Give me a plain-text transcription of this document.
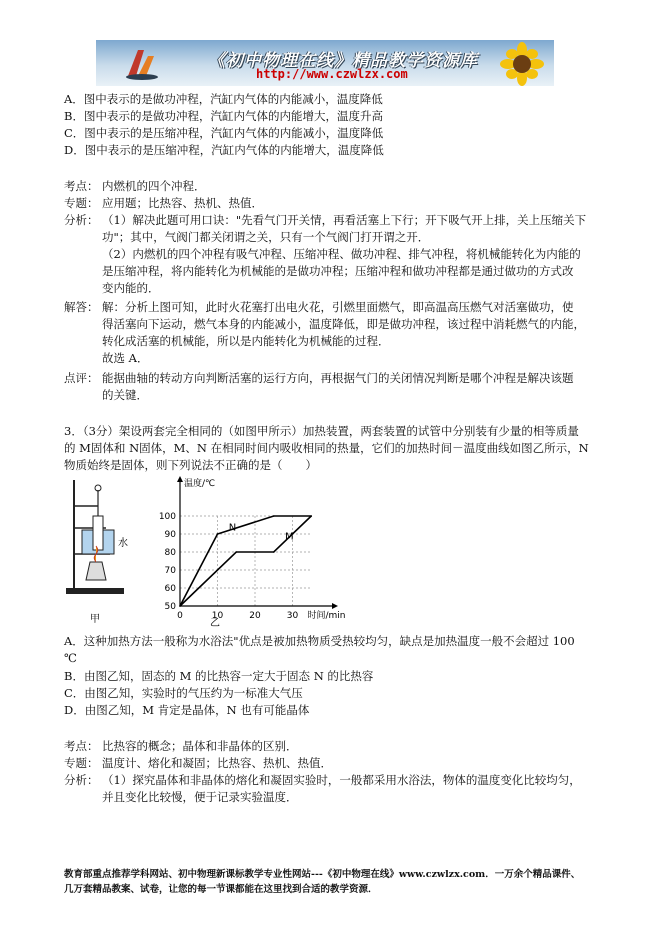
《初中物理在线》精品教学资源库
http://www.czwlzx.com
A．图中表示的是做功冲程，汽缸内气体的内能减小，温度降低
B．图中表示的是做功冲程，汽缸内气体的内能增大，温度升高
C．图中表示的是压缩冲程，汽缸内气体的内能减小，温度降低
D．图中表示的是压缩冲程，汽缸内气体的内能增大，温度降低
考点： 内燃机的四个冲程．
专题： 应用题；比热容、热机、热值．
分析： （1）解决此题可用口诀："先看气门开关情，再看活塞上下行；开下吸气开上排，关上压缩关下
功"；其中，气阀门都关闭谓之关，只有一个气阀门打开谓之开．
（2）内燃机的四个冲程有吸气冲程、压缩冲程、做功冲程、排气冲程，将机械能转化为内能的
是压缩冲程，将内能转化为机械能的是做功冲程；压缩冲程和做功冲程都是通过做功的方式改
变内能的．
解答： 解：分析上图可知，此时火花塞打出电火花，引燃里面燃气，即高温高压燃气对活塞做功，使
得活塞向下运动，燃气本身的内能减小，温度降低，即是做功冲程，该过程中消耗燃气的内能，
转化成活塞的机械能，所以是内能转化为机械能的过程．
故选 A．
点评： 能据曲轴的转动方向判断活塞的运行方向，再根据气门的关闭情况判断是哪个冲程是解决该题
的关键．
3．（3分）架设两套完全相同的（如图甲所示）加热装置，两套装置的试管中分别装有少量的相等质量
的 M固体和 N固体，M、N 在相同时间内吸收相同的热量，它们的加热时间－温度曲线如图乙所示，N
物质始终是固体，则下列说法不正确的是（　　）
水
甲
50
60
70
80
90
100
0	10	20	30
温度/℃
时间/min
N
M
乙
A．这种加热方法一般称为水浴法"优点是被加热物质受热较均匀，缺点是加热温度一般不会超过 100
℃
B．由图乙知，固态的 M 的比热容一定大于固态 N 的比热容
C．由图乙知，实验时的气压约为一标准大气压
D．由图乙知，M 肯定是晶体，N 也有可能晶体
考点： 比热容的概念；晶体和非晶体的区别．
专题： 温度计、熔化和凝固；比热容、热机、热值．
分析： （1）探究晶体和非晶体的熔化和凝固实验时，一般都采用水浴法，物体的温度变化比较均匀，
并且变化比较慢，便于记录实验温度．
教育部重点推荐学科网站、初中物理新课标教学专业性网站---《初中物理在线》www.czwlzx.com．一万余个精品课件、
几万套精品教案、试卷，让您的每一节课都能在这里找到合适的教学资源．
